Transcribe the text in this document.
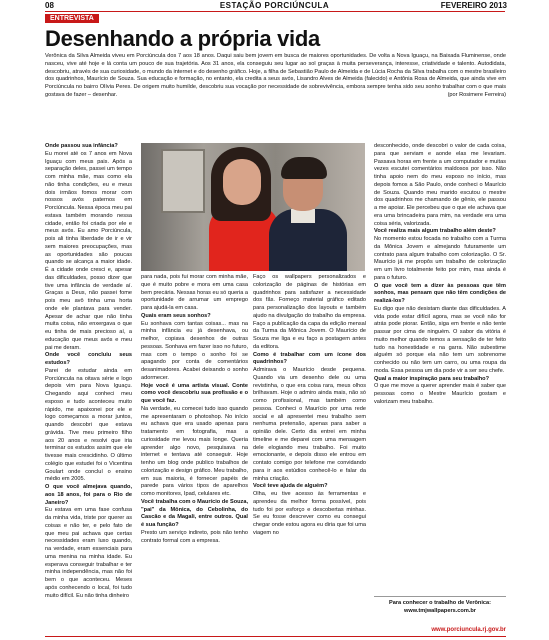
08	ESTAÇÃO PORCIÚNCULA	FEVEREIRO 2013
ENTREVISTA
Desenhando a própria vida
Verônica da Silva Almeida viveu em Porciúncula dos 7 aos 18 anos. Daqui saiu bem jovem em busca de maiores oportunidades. De volta a Nova Iguaçu, na Baixada Fluminense, onde nasceu, vive até hoje e lá conta um pouco de sua trajetória. Aos 31 anos, ela conseguiu seu lugar ao sol graças à muita perseverança, interesse, criatividade e talento. Autodidata, descobriu, através de sua curiosidade, o mundo da internet e do desenho gráfico. Hoje, a filha de Sebastião Paulo de Almeida e de Lúcia Rocha da Silva trabalha com o mestre brasileiro dos quadrinhos, Maurício de Souza. Sua educação e formação, no entanto, ela credita a seus avós, Lisandro Alves de Almeida (falecido) e Antônia Rosa de Almeida, que ainda vive em Porciúncula no bairro Olívia Peres. De origem muito humilde, descobriu sua vocação por necessidade de sobrevivência, embora sempre tenha sido seu sonho trabalhar com o que mais gostava de fazer – desenhar.	(por Rosimere Ferreira)

Onde passou sua infância?

Eu morei até os 7 anos em Nova Iguaçu com meus pais. Após a separação deles, passei um tempo com minha mãe, mas como ela não tinha condições, eu e meus dois irmãos fomos morar com nossos avós paternos em Porciúncula. Nessa época meu pai estava também morando nessa cidade, então foi criada por ele e meus avós. Eu amo Porciúncula, pois ali tinha liberdade de ir e vir sem maiores preocupações, mas as oportunidades são poucas quando se alcança a maior idade. É a cidade onde cresci e, apesar das dificuldades, posso dizer que tive uma infância de verdade aí. Graças a Deus, não passei fome pois meu avô tinha uma horta onde ele plantava para vender. Apesar de achar que não tinha muita coisa, não enxergava o que eu tinha de mais precioso aí, a educação que meus avós e meu pai me deram.

Onde você concluiu seus estudos?

Parei de estudar ainda em Porciúncula na oitava série e logo depois vim para Nova Iguaçu. Chegando aqui conheci meu esposo e tudo aconteceu muito rápido, me apaixonei por ele e logo começamos a morar juntos, quando descobri que estava grávida. Tive meu primeiro filho aos 20 anos e resolvi que iria terminar os estudos assim que ele tivesse mais crescidinho. O último colégio que estudei foi o Vicentina Goulart onde concluí o ensino médio em 2005.

O que você almejava quando, aos 18 anos, foi para o Rio de Janeiro?

Eu estava em uma fase confusa da minha vida, triste por querer as coisas e não ter, e pelo fato de que meu pai achava que certas necessidades eram luxo quando, na verdade, eram essenciais para uma menina na minha idade. Eu esperava conseguir trabalhar e ter minha independência, mas não foi bem o que aconteceu. Meses após conhecendo o local, foi tudo muito difícil. Eu não tinha dinheiro

para nada, pois fui morar com minha mãe, que é muito pobre e mora em uma casa bem precária. Nessas horas eu só queria a oportunidade de arrumar um emprego para ajudá-la em casa.

Quais eram seus sonhos?

Eu sonhava com tantas coisas... mas na minha infância eu já desenhava, ou melhor, copiava desenhos de outras pessoas. Sonhava em fazer isso no futuro, mas com o tempo o sonho foi se apagando por conta de comentários desanimadores. Acabei deixando o sonho adormecer.

Hoje você é uma artista visual. Conte como você descobriu sua profissão e o que você faz.

Na verdade, eu comecei tudo isso quando me apresentaram o photoshop. No início eu achava que era usado apenas para tratamento em fotografia, mas a curiosidade me levou mais longe. Queria aprender algo novo, pesquisava na internet e tentava até conseguir. Hoje tenho um blog onde publico trabalhos de colorização e design gráfico. Meu trabalho, em sua maioria, é fornecer papéis de parede para vários tipos de aparelhos como monitores, Ipad, celulares etc.

Você trabalha com o Maurício de Souza, "pai" da Mônica, do Cebolinha, do Cascão e da Magali, entre outros. Qual é sua função?

Presto um serviço indireto, pois não tenho contrato formal com a empresa.

Faço os wallpapers personalizados e colorização de páginas de histórias em quadrinhos para satisfazer a necessidade dos fãs. Forneço material gráfico editado para personalização dos layouts e também ajudo na divulgação do trabalho da empresa. Faço a publicação da capa da edição mensal da Turma da Mônica Jovem. O Maurício de Souza me liga e eu faço a postagem antes da editora.

Como é trabalhar com um ícone dos quadrinhos?

Admirava o Maurício desde pequena. Quando via um desenho dele ou uma revistinha, o que era coisa rara, meus olhos brilhavam. Hoje o admiro ainda mais, não só como profissional, mas também como pessoa. Conheci o Maurício por uma rede social e ali apresentei meu trabalho sem nenhuma pretensão, apenas para saber a opinião dele. Certo dia entrei em minha timeline e me deparei com uma mensagem dele elogiando meu trabalho. Foi muito emocionante, e depois disso ele entrou em contato comigo por telefone me convidando para ir aos estúdios conhecê-lo e falar da minha criação.

Você teve ajuda de alguém?

Olha, eu tive acesso às ferramentas e aprendeu da melhor forma possível, pois tudo foi por esforço e descobertas minhas. Se eu fosse descrever como eu consegui chegar onde estou agora eu diria que foi uma viagem no

desconhecido, onde descobri o valor de cada coisa, para que serviam e aonde elas me levariam. Passava horas em frente a um computador e muitas vezes escutei comentários maldosos por isso. Não tinha apoio nem do meu esposo no início, mas depois fomos a São Paulo, onde conheci o Maurício de Souza. Quando meu marido escutou o mestre dos quadrinhos me chamando de gênio, ele passou a me apoiar. Ele percebeu que o que ele achava que era uma brincadeira para mim, na verdade era uma coisa séria, valorizada.

Você realiza mais algum trabalho além deste?

No momento estou focada no trabalho com a Turma da Mônica Jovem e almejando futuramente um contrato para algum trabalho com colorização. O Sr. Maurício já me propôs um trabalho de colorização em um livro totalmente feito por mim, mas ainda é para o futuro.

O que você tem a dizer às pessoas que têm sonhos, mas pensam que não têm condições de realizá-los?

Eu digo que não desistam diante das dificuldades. A vida pode estar difícil agora, mas se você não for atrás pode piorar. Então, siga em frente e não tente passar por cima de ninguém. O sabor da vitória é muito melhor quando temos a sensação de ter feito tudo na honestidade e na garra. Não subestime alguém só porque ela não tem um sobrenome conhecido ou não tem um carro, ou uma roupa da moda. Essa pessoa um dia pode vir a ser seu chefe.

Qual a maior inspiração para seu trabalho?

O que me move a querer aprender mais é saber que pessoas como o Mestre Maurício gostam e valorizam meu trabalho.

Para conhecer o trabalho de Verônica:
www.tmjwallpapers.com.br
www.porciuncula.rj.gov.br
